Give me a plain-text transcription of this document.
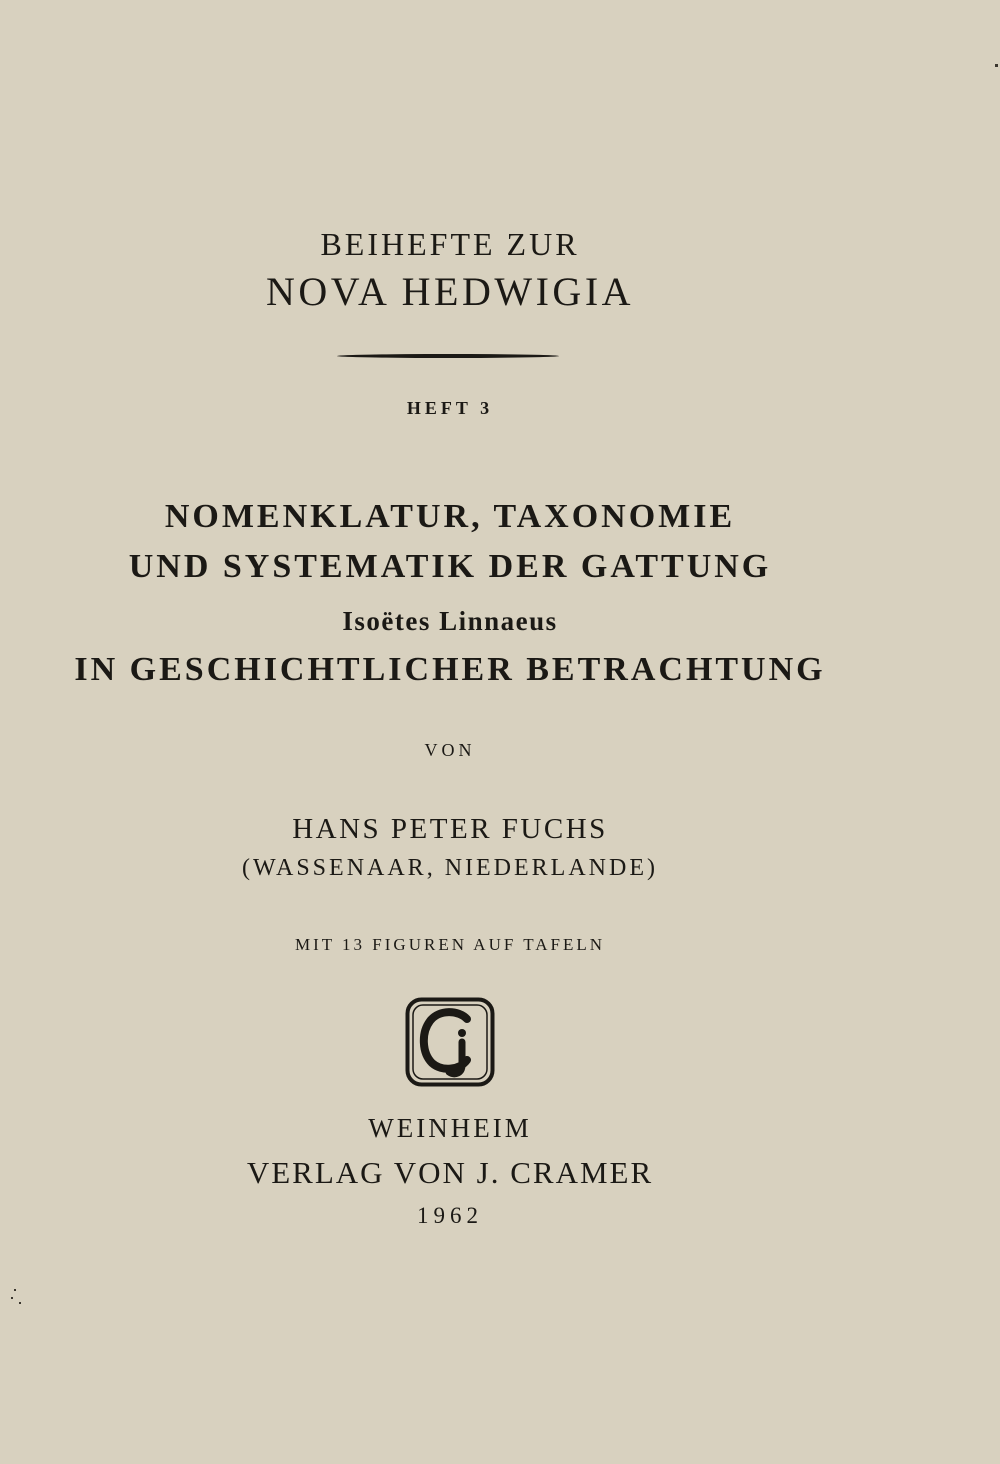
BEIHEFTE ZUR
NOVA HEDWIGIA
HEFT 3
NOMENKLATUR, TAXONOMIE
UND SYSTEMATIK DER GATTUNG
Isoëtes Linnaeus
IN GESCHICHTLICHER BETRACHTUNG
VON
HANS PETER FUCHS
(WASSENAAR, NIEDERLANDE)
MIT 13 FIGUREN AUF TAFELN
WEINHEIM
VERLAG VON J. CRAMER
1962
